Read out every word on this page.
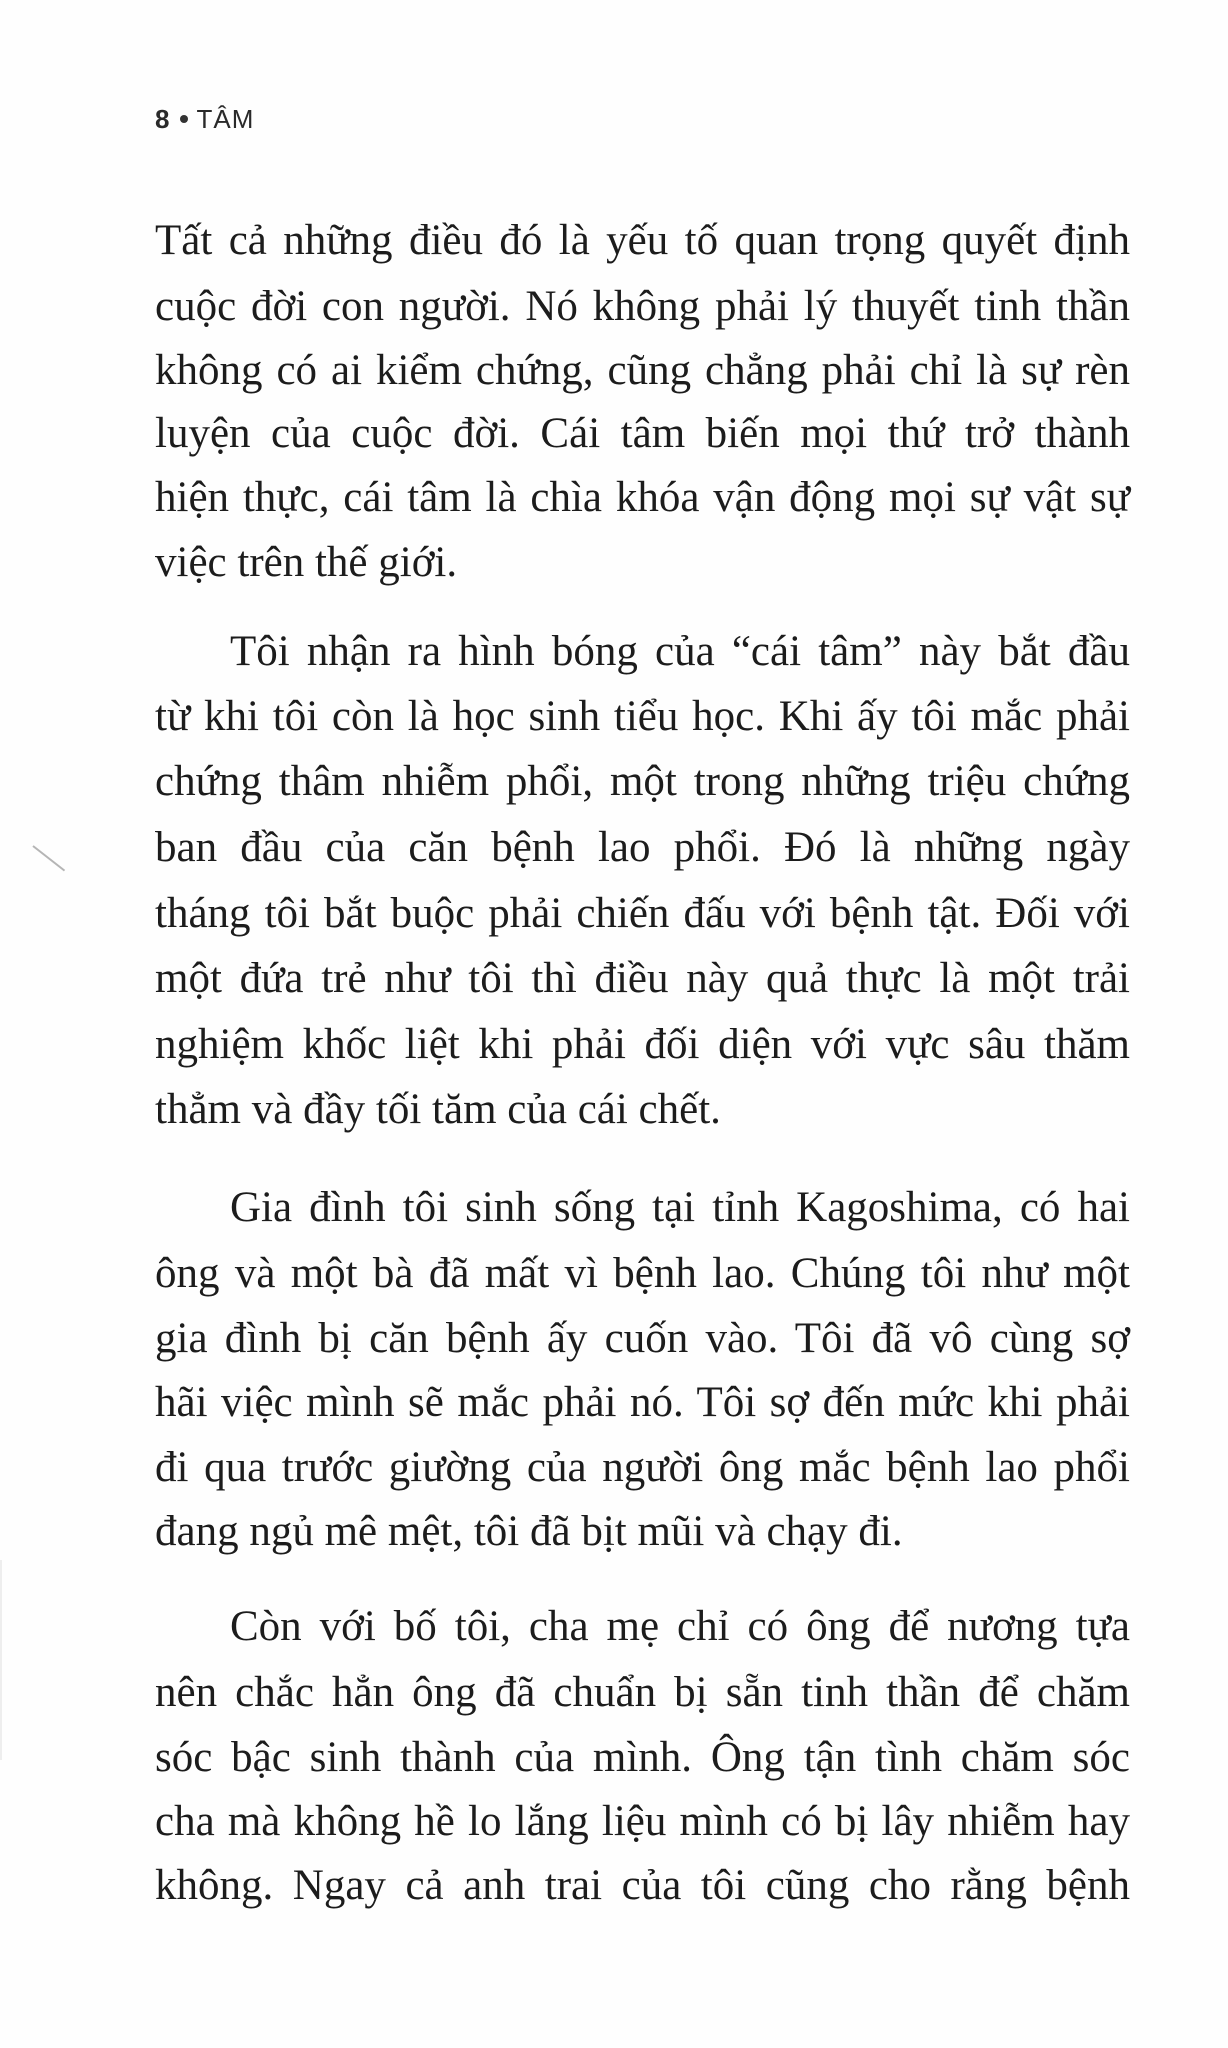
8 TÂM
Tất cả những điều đó là yếu tố quan trọng quyết định
cuộc đời con người. Nó không phải lý thuyết tinh thần
không có ai kiểm chứng, cũng chẳng phải chỉ là sự rèn
luyện của cuộc đời. Cái tâm biến mọi thứ trở thành
hiện thực, cái tâm là chìa khóa vận động mọi sự vật sự
việc trên thế giới.
Tôi nhận ra hình bóng của “cái tâm” này bắt đầu
từ khi tôi còn là học sinh tiểu học. Khi ấy tôi mắc phải
chứng thâm nhiễm phổi, một trong những triệu chứng
ban đầu của căn bệnh lao phổi. Đó là những ngày
tháng tôi bắt buộc phải chiến đấu với bệnh tật. Đối với
một đứa trẻ như tôi thì điều này quả thực là một trải
nghiệm khốc liệt khi phải đối diện với vực sâu thăm
thẳm và đầy tối tăm của cái chết.
Gia đình tôi sinh sống tại tỉnh Kagoshima, có hai
ông và một bà đã mất vì bệnh lao. Chúng tôi như một
gia đình bị căn bệnh ấy cuốn vào. Tôi đã vô cùng sợ
hãi việc mình sẽ mắc phải nó. Tôi sợ đến mức khi phải
đi qua trước giường của người ông mắc bệnh lao phổi
đang ngủ mê mệt, tôi đã bịt mũi và chạy đi.
Còn với bố tôi, cha mẹ chỉ có ông để nương tựa
nên chắc hẳn ông đã chuẩn bị sẵn tinh thần để chăm
sóc bậc sinh thành của mình. Ông tận tình chăm sóc
cha mà không hề lo lắng liệu mình có bị lây nhiễm hay
không. Ngay cả anh trai của tôi cũng cho rằng bệnh
